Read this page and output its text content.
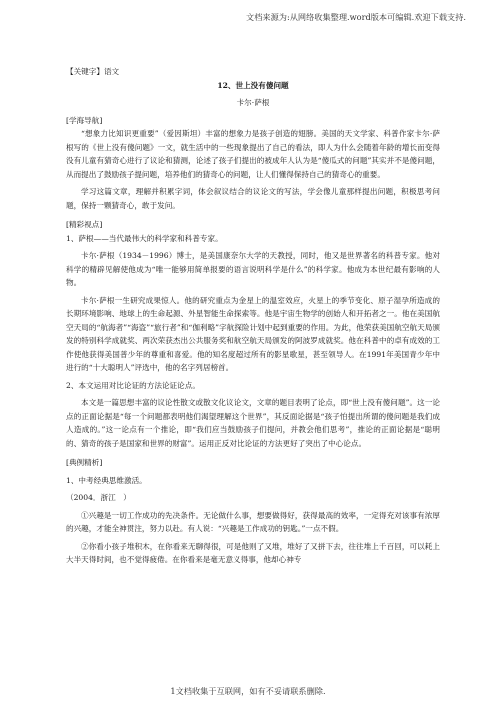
文档来源为:从网络收集整理.word版本可编辑.欢迎下载支持.

【关键字】语文

12、世上没有傻问题

卡尔·萨根

[学海导航]

“想象力比知识更重要”（爱因斯坦）丰富的想象力是孩子创造的翅膀。美国的天文学家、科普作家卡尔·萨根写的《世上没有傻问题》一文，就生活中的一些现象提出了自己的看法，即人为什么会随着年龄的增长而变得没有儿童有猜奇心进行了议论和猜测，论述了孩子们提出的被成年人认为是“傻瓜式的问题”其实并不是傻问题，从而提出了鼓励孩子提问题，培养他们的猜奇心的问题，让人们懂得保持自己的猜奇心的重要。

学习这篇文章，理解并积累字词，体会叙议结合的议论文的写法，学会像儿童那样提出问题，积极思考问题，保持一颗猜奇心，敢于发问。

[精彩视点]

1、萨根——当代最伟大的科学家和科普专家。

卡尔·萨根（1934－1996）博士，是美国康奈尔大学的天教授，同时，他又是世界著名的科普专家。他对科学的精辟见解使他成为“唯一能够用简单报要的语言说明科学是什么”的科学家。他成为本世纪最有影响的人物。

卡尔·萨根一生研究成果惊人。他的研究重点为金星上的温室效应，火星上的季节变化、原子湿孕所造成的长期环境影响、地球上的生命起源、外星智能生命探索等。他是宇宙生物学的创始人和开拓者之一。他在美国航空天局的“航海者”“海盗”“旅行者”和“伽利略”字航探险计划中起到重要的作用。为此，他荣获美国航空航天局颁发的特别科学成就奖、两次荣获杰出公共服务奖和航空航天局颁发的阿波罗成就奖。他在科普中的卓有成效的工作使他获得美国普少年的尊重和喜爱。他的知名度超过所有的影星歌星，甚至领导人。在1991年美国青少年中进行的“十大聪明人”评选中，他的名字列居榜首。

2、本文运用对比论证的方法论证论点。

本文是一篇思想丰富的议论性散文或散文化议论文，文章的题目表明了论点，即“世上没有傻问题”。这一论点的正面论据是“每一个问题都表明他们渴望理解这个世界”，其反面论据是“孩子怕提出所谓的傻问题是我们成人造成的。”这一论点有一个推论，即“我们应当鼓励孩子们提问，并教会他们思考”，推论的正面论据是“聪明的、猜奇的孩子是国家和世界的财富”。运用正反对比论证的方法更好了突出了中心论点。

[典例精析]

1、中考经典思维激活。

（2004．浙江　）

①兴趣是一切工作成功的先决条件。无论做什么事，想要做得好，获得最高的效率，一定得充对该事有浓厚的兴趣，才能全神贯注，努力以赴。有人说：“兴趣是工作成功的钥匙。”一点不假。

②你看小孩子堆积木，在你看来无聊得很，可是他则了又堆，堆好了又拼下去，往往堆上千百回，可以耗上大半天得时间，也不觉得疲倦。在你看来是毫无意义得事，他却心神专

1文档收集于互联网，如有不妥请联系删除.
